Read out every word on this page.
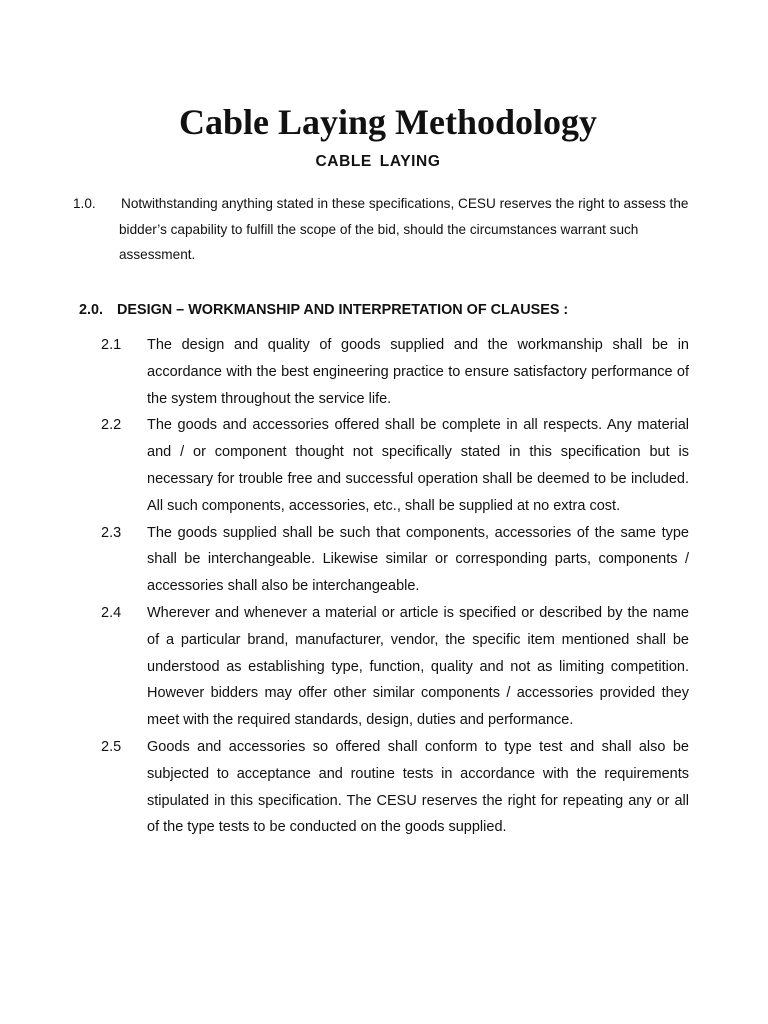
Cable Laying Methodology
CABLE LAYING
1.0.	Notwithstanding anything stated in these specifications, CESU reserves the right to assess the bidder’s capability to fulfill the scope of the bid, should the circumstances warrant such assessment.
2.0. DESIGN – WORKMANSHIP AND INTERPRETATION OF CLAUSES :
2.1	The design and quality of goods supplied and the workmanship shall be in accordance with the best engineering practice to ensure satisfactory performance of the system throughout the service life.
2.2	The goods and accessories offered shall be complete in all respects. Any material and / or component thought not specifically stated in this specification but is necessary for trouble free and successful operation shall be deemed to be included. All such components, accessories, etc., shall be supplied at no extra cost.
2.3	The goods supplied shall be such that components, accessories of the same type shall be interchangeable. Likewise similar or corresponding parts, components / accessories shall also be interchangeable.
2.4	Wherever and whenever a material or article is specified or described by the name of a particular brand, manufacturer, vendor, the specific item mentioned shall be understood as establishing type, function, quality and not as limiting competition. However bidders may offer other similar components / accessories provided they meet with the required standards, design, duties and performance.
2.5	Goods and accessories so offered shall conform to type test and shall also be subjected to acceptance and routine tests in accordance with the requirements stipulated in this specification. The CESU reserves the right for repeating any or all of the type tests to be conducted on the goods supplied.
